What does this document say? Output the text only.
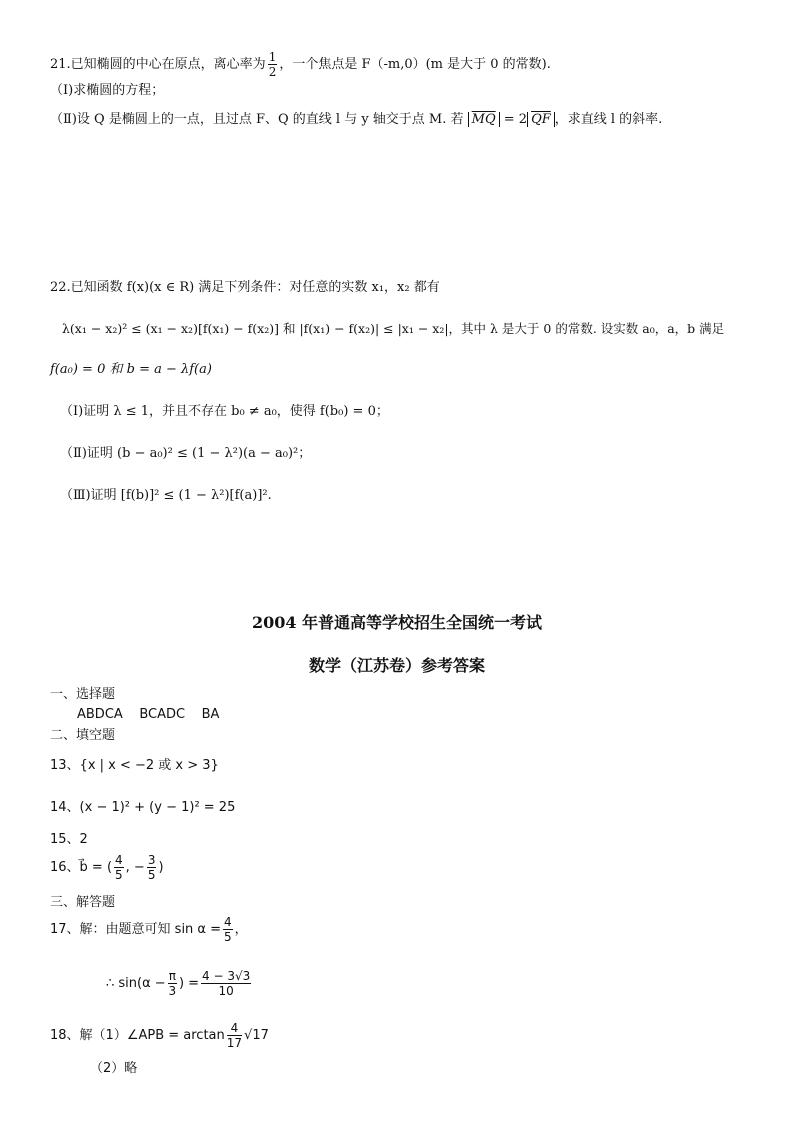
21.已知椭圆的中心在原点，离心率为 $\frac{1}{2}$ ，一个焦点是 F（-m,0）(m 是大于 0 的常数).
（Ⅰ)求椭圆的方程；
（Ⅱ)设 Q 是椭圆上的一点，且过点 F、Q 的直线 l 与 y 轴交于点 M. 若 $\overline{MQ} = 2$ $\overline{QF}$ ，求直线 l 的斜率.
22.已知函数 f(x)(x ∈ R) 满足下列条件：对任意的实数 x₁，x₂ 都有
λ(x₁ − x₂)² ≤ (x₁ − x₂)[f(x₁) − f(x₂)] 和 |f(x₁) − f(x₂)| ≤ |x₁ − x₂|，其中 λ 是大于 0 的常数. 设实数 a₀，a，b 满足
f(a₀) = 0 和 b = a − λf(a)
（Ⅰ)证明 λ ≤ 1，并且不存在 b₀ ≠ a₀，使得 f(b₀) = 0；
（Ⅱ)证明 (b − a₀)² ≤ (1 − λ²)(a − a₀)²；
（Ⅲ)证明 [f(b)]² ≤ (1 − λ²)[f(a)]².
2004 年普通高等学校招生全国统一考试
数学（江苏卷）参考答案
一、选择题
ABDCA    BCADC    BA
二、填空题
13、{x | x < −2 或 x > 3}
14、(x − 1)² + (y − 1)² = 25
15、2
16、b⃗ = ( $\frac{4}{5}$ , − $\frac{3}{5}$ )
三、解答题
17、解：由题意可知 $\sin \alpha = \frac{4}{5}$ ，
∴ $\sin(\alpha - \frac{\pi}{3}$ ) = $\frac{4 - 3√3}{10}$
18、解（1）∠APB = $\arctan \frac{4}{17} √17$
（2）略
